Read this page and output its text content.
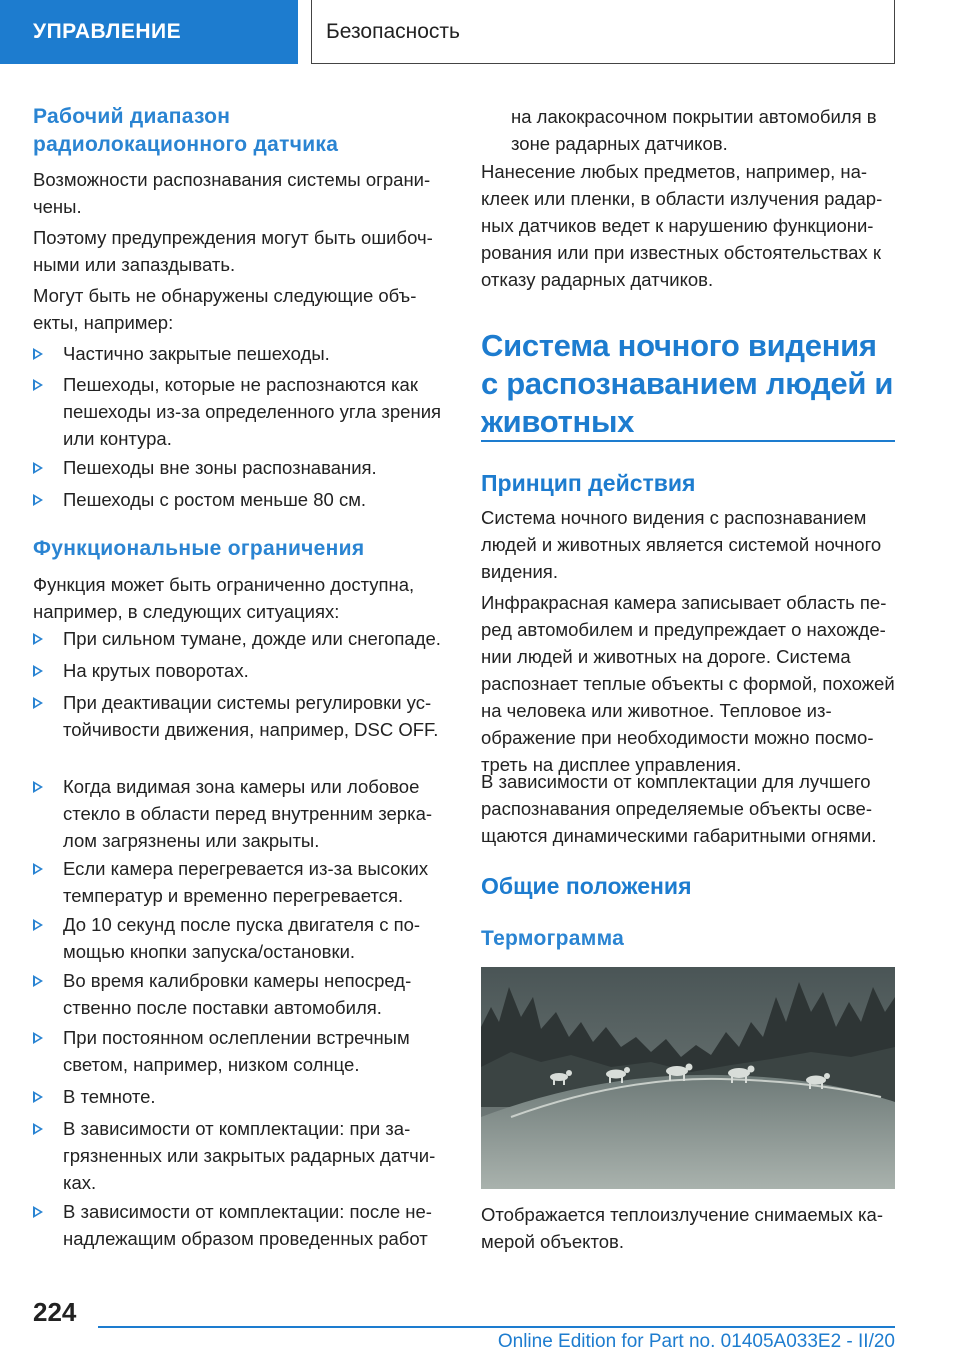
УПРАВЛЕНИЕ	Безопасность
Рабочий диапазон радиолокационного датчика

Возможности распознавания системы ограничены.

Поэтому предупреждения могут быть ошибочными или запаздывать.

Могут быть не обнаружены следующие объекты, например:

Частично закрытые пешеходы.
Пешеходы, которые не распознаются как пешеходы из-за определенного угла зрения или контура.
Пешеходы вне зоны распознавания.
Пешеходы с ростом меньше 80 см.
Функциональные ограничения

Функция может быть ограниченно доступна, например, в следующих ситуациях:

При сильном тумане, дожде или снегопаде.
На крутых поворотах.
При деактивации системы регулировки устойчивости движения, например, DSC OFF.
Когда видимая зона камеры или лобовое стекло в области перед внутренним зеркалом загрязнены или закрыты.
Если камера перегревается из-за высоких температур и временно перегревается.
До 10 секунд после пуска двигателя с помощью кнопки запуска/остановки.
Во время калибровки камеры непосредственно после поставки автомобиля.
При постоянном ослеплении встречным светом, например, низком солнце.
В темноте.
В зависимости от комплектации: при загрязненных или закрытых радарных датчиках.
В зависимости от комплектации: после ненадлежащим образом проведенных работ

на лакокрасочном покрытии автомобиля в зоне радарных датчиков.

Нанесение любых предметов, например, наклеек или пленки, в области излучения радарных датчиков ведет к нарушению функционирования или при известных обстоятельствах к отказу радарных датчиков.

Система ночного видения с распознаванием людей и животных
Принцип действия

Система ночного видения с распознаванием людей и животных является системой ночного видения.

Инфракрасная камера записывает область перед автомобилем и предупреждает о нахождении людей и животных на дороге. Система распознает теплые объекты с формой, похожей на человека или животное. Тепловое изображение при необходимости можно посмотреть на дисплее управления.

В зависимости от комплектации для лучшего распознавания определяемые объекты освещаются динамическими габаритными огнями.

Общие положения
Термограмма

Отображается теплоизлучение снимаемых камерой объектов.

224
Online Edition for Part no. 01405A033E2 - II/20
